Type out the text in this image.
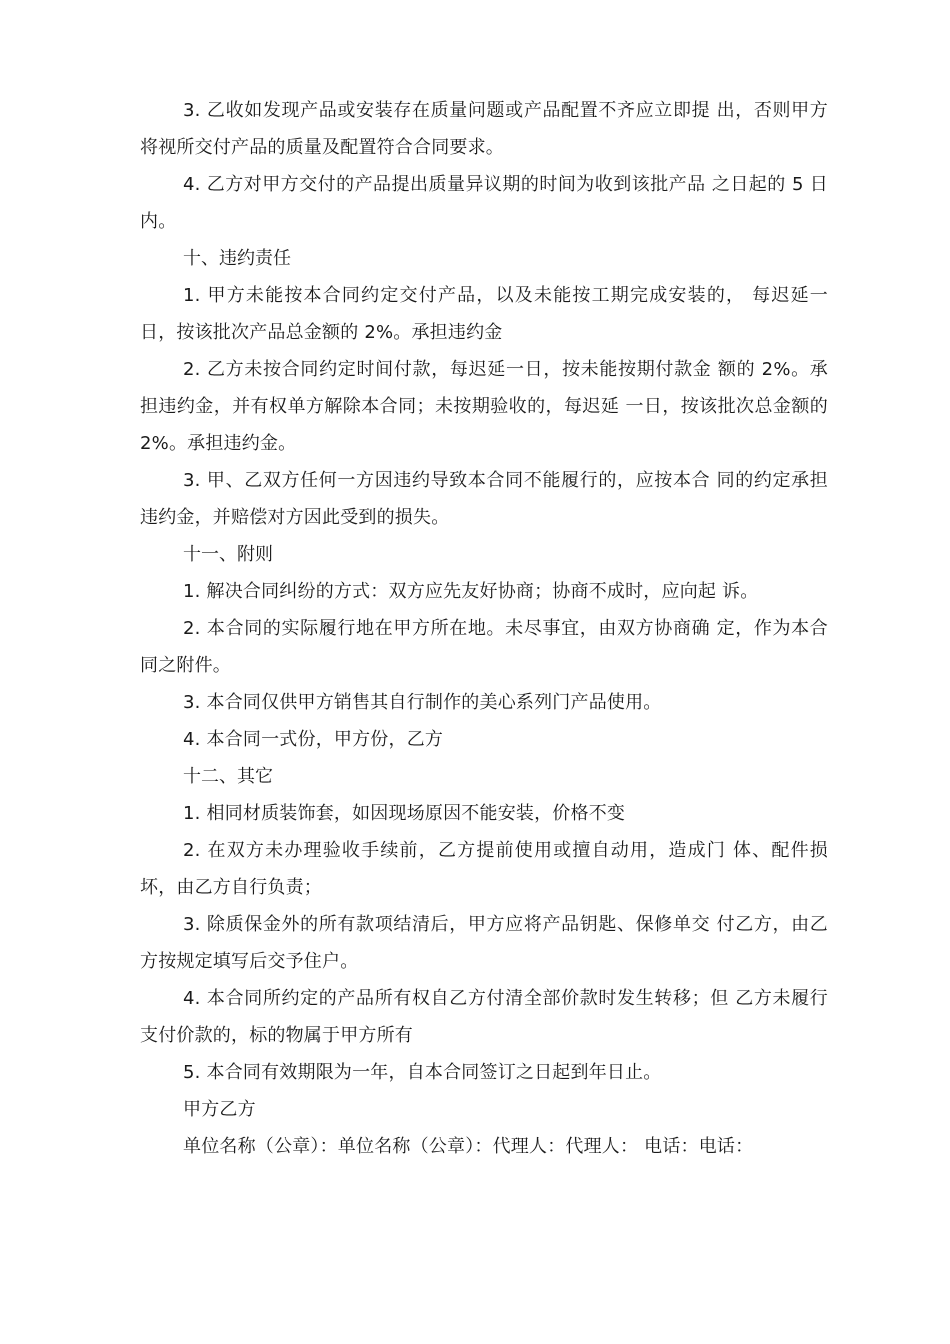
3. 乙收如发现产品或安装存在质量问题或产品配置不齐应立即提 出，否则甲方将视所交付产品的质量及配置符合合同要求。

4. 乙方对甲方交付的产品提出质量异议期的时间为收到该批产品 之日起的 5 日内。

十、违约责任

1. 甲方未能按本合同约定交付产品，以及未能按工期完成安装的， 每迟延一日，按该批次产品总金额的 2%。承担违约金

2. 乙方未按合同约定时间付款，每迟延一日，按未能按期付款金 额的 2%。承担违约金，并有权单方解除本合同；未按期验收的，每迟延 一日，按该批次总金额的 2%。承担违约金。

3. 甲、乙双方任何一方因违约导致本合同不能履行的，应按本合 同的约定承担违约金，并赔偿对方因此受到的损失。

十一、附则

1. 解决合同纠纷的方式：双方应先友好协商；协商不成时，应向起 诉。

2. 本合同的实际履行地在甲方所在地。未尽事宜，由双方协商确 定，作为本合同之附件。

3. 本合同仅供甲方销售其自行制作的美心系列门产品使用。

4. 本合同一式份，甲方份，乙方

十二、其它

1. 相同材质装饰套，如因现场原因不能安装，价格不变

2. 在双方未办理验收手续前，乙方提前使用或擅自动用，造成门 体、配件损坏，由乙方自行负责；

3. 除质保金外的所有款项结清后，甲方应将产品钥匙、保修单交 付乙方，由乙方按规定填写后交予住户。

4. 本合同所约定的产品所有权自乙方付清全部价款时发生转移；但 乙方未履行支付价款的，标的物属于甲方所有

5. 本合同有效期限为一年，自本合同签订之日起到年日止。

甲方乙方

单位名称（公章）：单位名称（公章）：代理人：代理人： 电话：电话：
